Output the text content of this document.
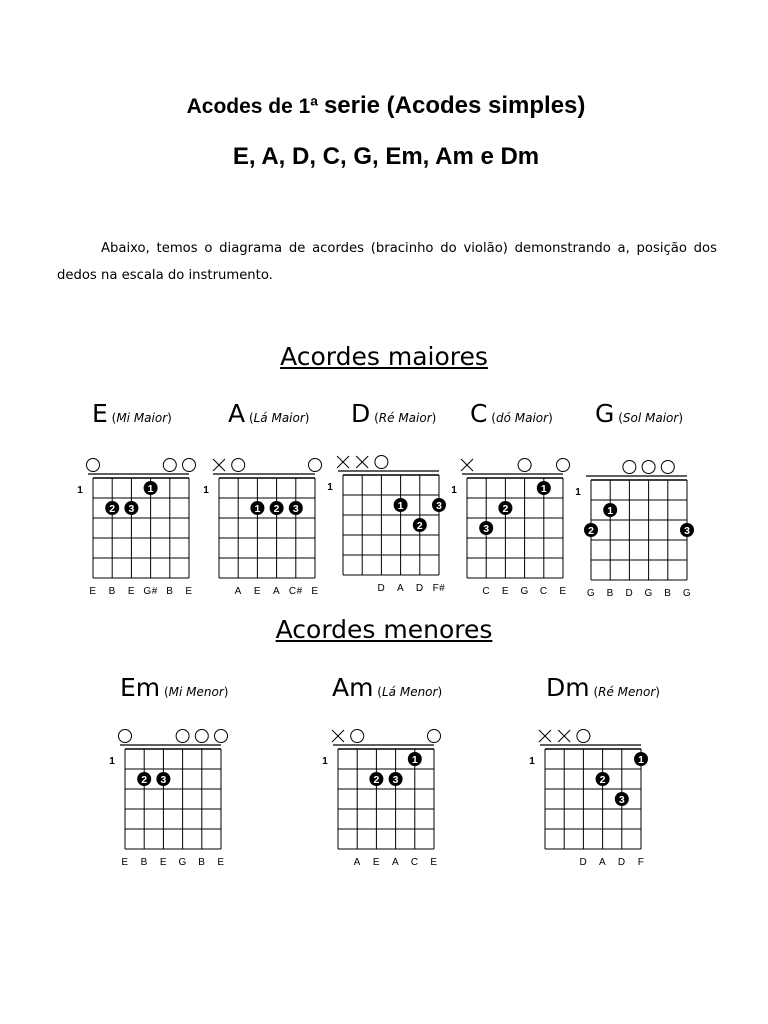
Acodes de 1ª serie (Acodes simples)
E, A, D, C, G, Em, Am e Dm

Abaixo, temos o diagrama de acordes (bracinho do violão) demonstrando a, posição dos dedos na escala do instrumento.

Acordes maiores
Acordes menores
E (Mi Maior) A (Lá Maior) D (Ré Maior) C (dó Maior) G (Sol Maior)
Em (Mi Menor)	Am (Lá Menor)	Dm (Ré Menor)
1	1
2 3
E B E G# B E
1
1 2 3
A E A C# E
1
1	3
2
D A D F#
1	1
2
3
C E G C E
1
1
2	3
G B D G B G
1
2 3
E B E G B E
1	1
2 3
A E A C E
1	1
2
3
D A D F
